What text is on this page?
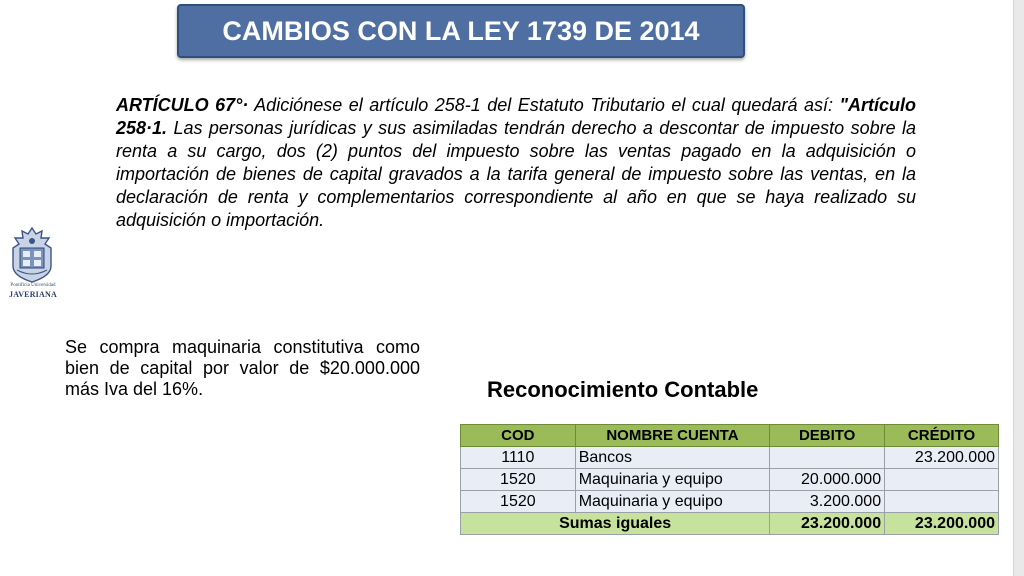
CAMBIOS CON LA LEY 1739 DE 2014
ARTÍCULO 67°· Adiciónese el artículo 258-1 del Estatuto Tributario el cual quedará así: "Artículo 258·1. Las personas jurídicas y sus asimiladas tendrán derecho a descontar de impuesto sobre la renta a su cargo, dos (2) puntos del impuesto sobre las ventas pagado en la adquisición o importación de bienes de capital gravados a la tarifa general de impuesto sobre las ventas, en la declaración de renta y complementarios correspondiente al año en que se haya realizado su adquisición o importación.
Pontificia Universidad
JAVERIANA
Se compra maquinaria constitutiva como bien de capital por valor de $20.000.000 más Iva del 16%.	Reconocimiento Contable
COD	NOMBRE CUENTA	DEBITO	CRÉDITO
1110	Bancos		23.200.000
1520	Maquinaria y equipo	20.000.000	
1520	Maquinaria y equipo	3.200.000	
Sumas iguales		23.200.000	23.200.000
